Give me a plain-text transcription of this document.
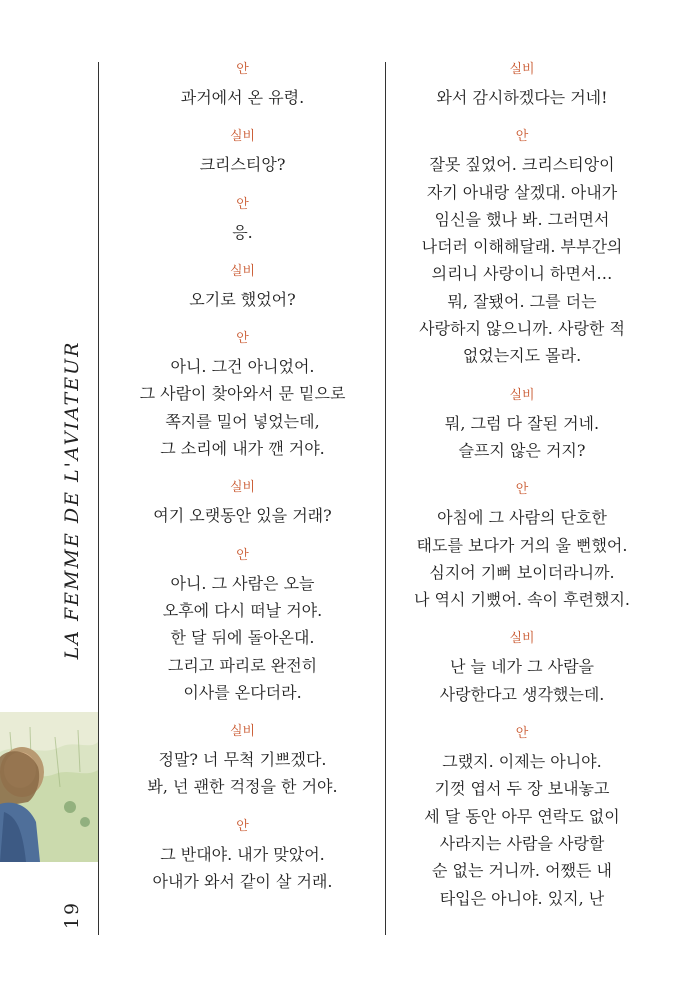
LA FEMME DE L'AVIATEUR
19
안
과거에서 온 유령.
실비
크리스티앙?
안
응.
실비
오기로 했었어?
안
아니. 그건 아니었어.
그 사람이 찾아와서 문 밑으로
쪽지를 밀어 넣었는데,
그 소리에 내가 깬 거야.
실비
여기 오랫동안 있을 거래?
안
아니. 그 사람은 오늘
오후에 다시 떠날 거야.
한 달 뒤에 돌아온대.
그리고 파리로 완전히
이사를 온다더라.
실비
정말? 너 무척 기쁘겠다.
봐, 넌 괜한 걱정을 한 거야.
안
그 반대야. 내가 맞았어.
아내가 와서 같이 살 거래.
실비
와서 감시하겠다는 거네!
안
잘못 짚었어. 크리스티앙이
자기 아내랑 살겠대. 아내가
임신을 했나 봐. 그러면서
나더러 이해해달래. 부부간의
의리니 사랑이니 하면서…
뭐, 잘됐어. 그를 더는
사랑하지 않으니까. 사랑한 적
없었는지도 몰라.
실비
뭐, 그럼 다 잘된 거네.
슬프지 않은 거지?
안
아침에 그 사람의 단호한
태도를 보다가 거의 울 뻔했어.
심지어 기뻐 보이더라니까.
나 역시 기뻤어. 속이 후련했지.
실비
난 늘 네가 그 사람을
사랑한다고 생각했는데.
안
그랬지. 이제는 아니야.
기껏 엽서 두 장 보내놓고
세 달 동안 아무 연락도 없이
사라지는 사람을 사랑할
순 없는 거니까. 어쨌든 내
타입은 아니야. 있지, 난
